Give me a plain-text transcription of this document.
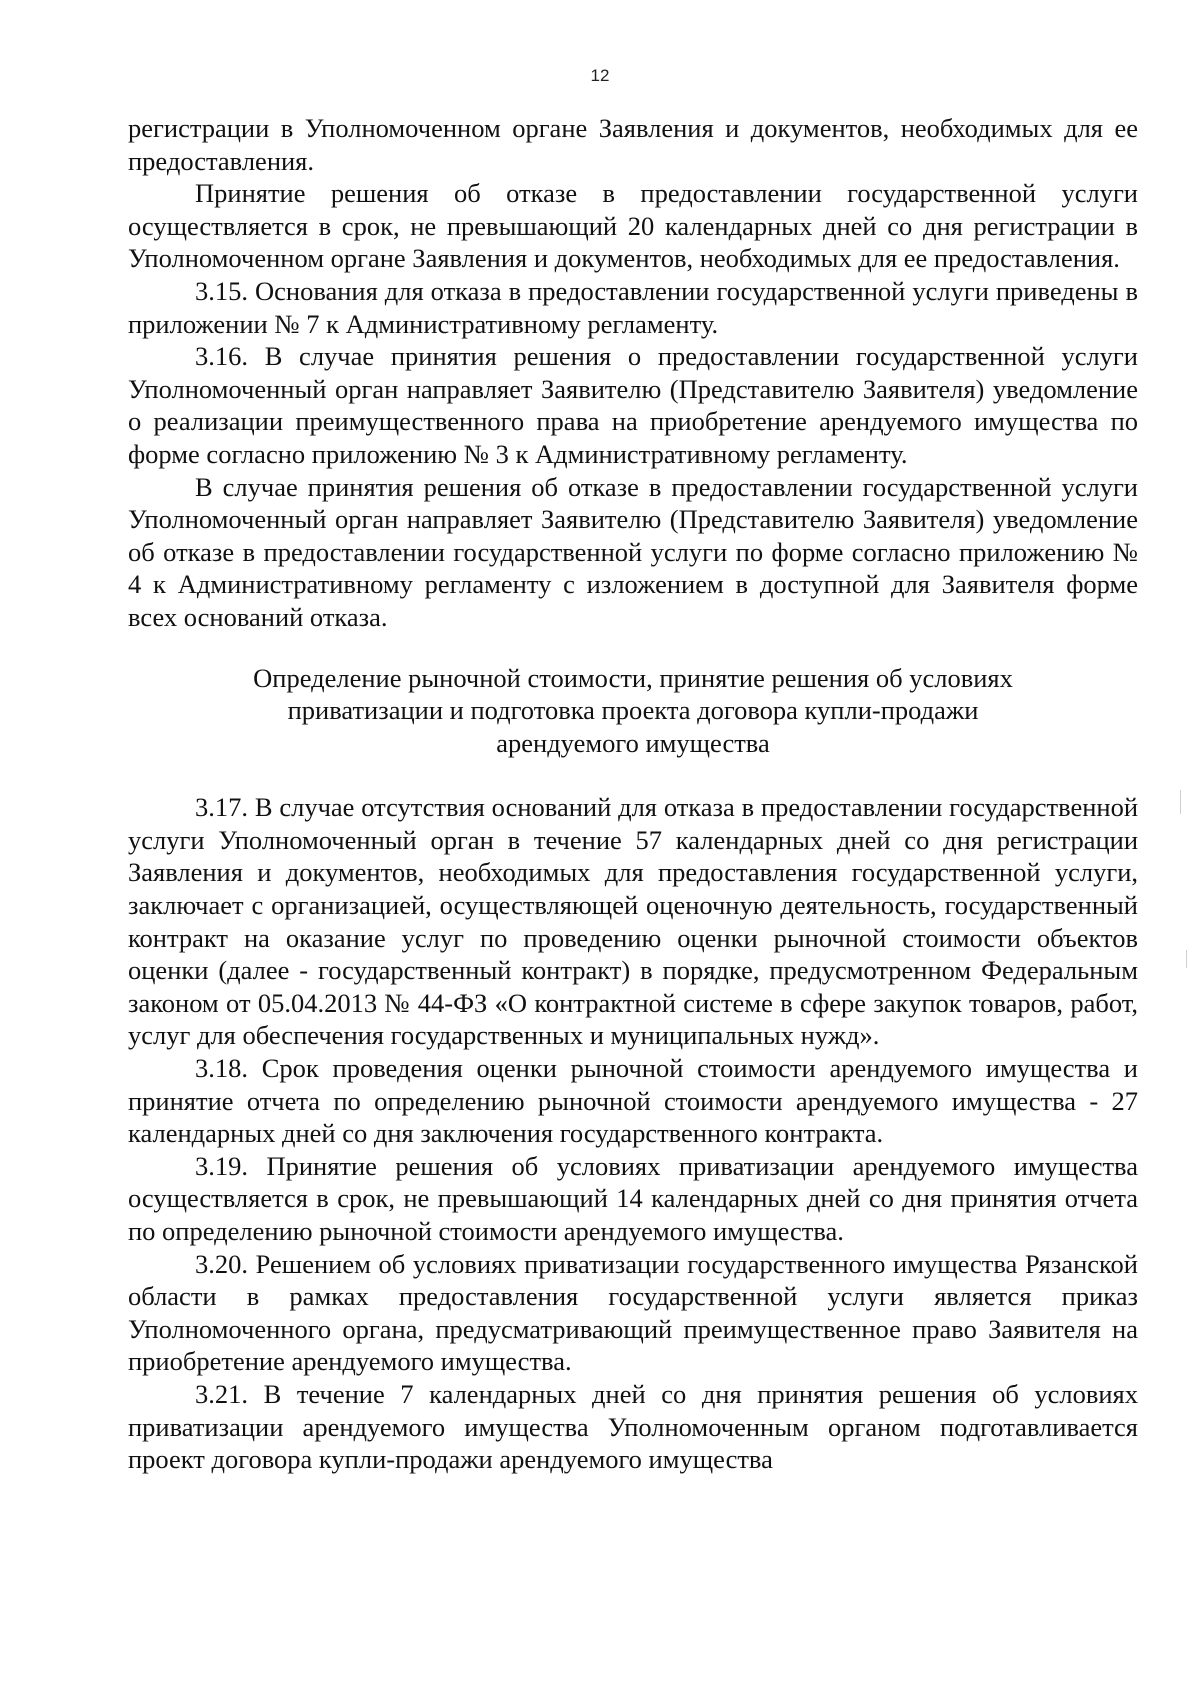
12

регистрации в Уполномоченном органе Заявления и документов, необходимых для ее предоставления.

Принятие решения об отказе в предоставлении государственной услуги осуществляется в срок, не превышающий 20 календарных дней со дня регистрации в Уполномоченном органе Заявления и документов, необходимых для ее предоставления.

3.15. Основания для отказа в предоставлении государственной услуги приведены в приложении № 7 к Административному регламенту.

3.16. В случае принятия решения о предоставлении государственной услуги Уполномоченный орган направляет Заявителю (Представителю Заявителя) уведомление о реализации преимущественного права на приобретение арендуемого имущества по форме согласно приложению № 3 к Административному регламенту.

В случае принятия решения об отказе в предоставлении государственной услуги Уполномоченный орган направляет Заявителю (Представителю Заявителя) уведомление об отказе в предоставлении государственной услуги по форме согласно приложению № 4 к Административному регламенту с изложением в доступной для Заявителя форме всех оснований отказа.

Определение рыночной стоимости, принятие решения об условиях
приватизации и подготовка проекта договора купли-продажи
арендуемого имущества

3.17. В случае отсутствия оснований для отказа в предоставлении государственной услуги Уполномоченный орган в течение 57 календарных дней со дня регистрации Заявления и документов, необходимых для предоставления государственной услуги, заключает с организацией, осуществляющей оценочную деятельность, государственный контракт на оказание услуг по проведению оценки рыночной стоимости объектов оценки (далее - государственный контракт) в порядке, предусмотренном Федеральным законом от 05.04.2013 № 44-ФЗ «О контрактной системе в сфере закупок товаров, работ, услуг для обеспечения государственных и муниципальных нужд».

3.18. Срок проведения оценки рыночной стоимости арендуемого имущества и принятие отчета по определению рыночной стоимости арендуемого имущества - 27 календарных дней со дня заключения государственного контракта.

3.19. Принятие решения об условиях приватизации арендуемого имущества осуществляется в срок, не превышающий 14 календарных дней со дня принятия отчета по определению рыночной стоимости арендуемого имущества.

3.20. Решением об условиях приватизации государственного имущества Рязанской области в рамках предоставления государственной услуги является приказ Уполномоченного органа, предусматривающий преимущественное право Заявителя на приобретение арендуемого имущества.

3.21. В течение 7 календарных дней со дня принятия решения об условиях приватизации арендуемого имущества Уполномоченным органом подготавливается проект договора купли-продажи арендуемого имущества
